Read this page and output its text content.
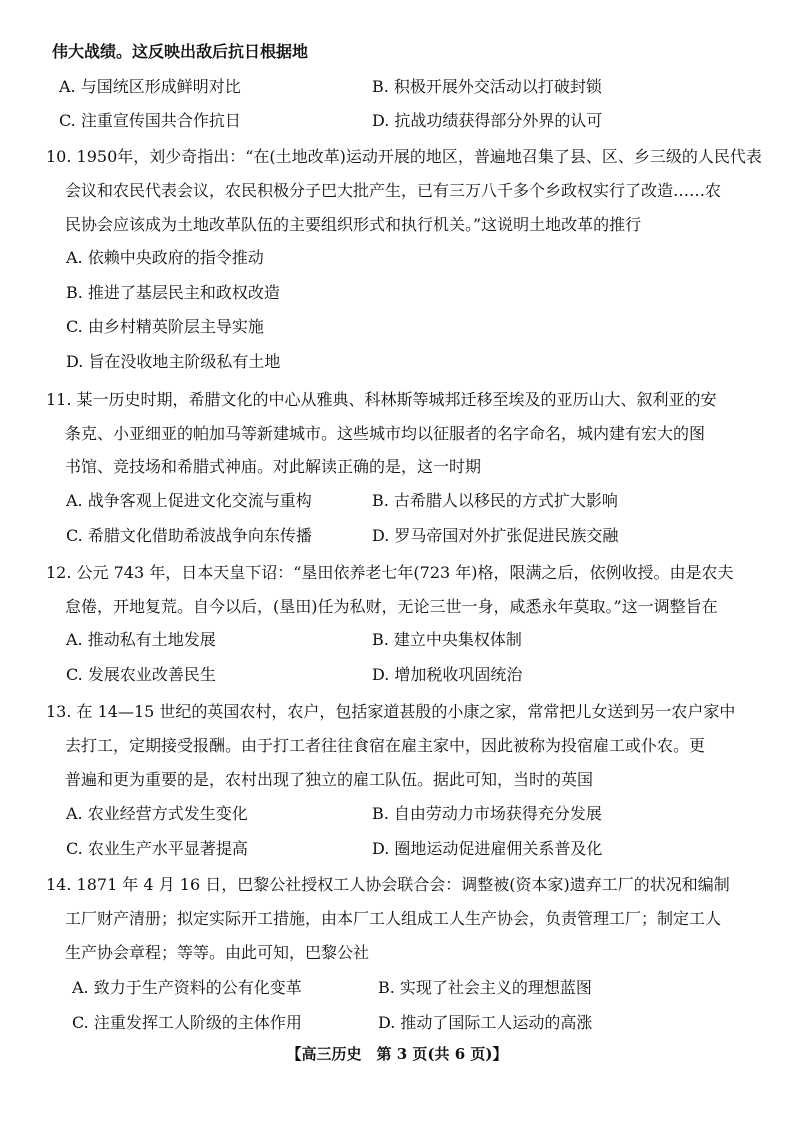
伟大战绩。这反映出敌后抗日根据地
A. 与国统区形成鲜明对比	B. 积极开展外交活动以打破封锁
C. 注重宣传国共合作抗日	D. 抗战功绩获得部分外界的认可
10. 1950年，刘少奇指出：“在(土地改革)运动开展的地区，普遍地召集了县、区、乡三级的人民代表
会议和农民代表会议，农民积极分子巴大批产生，已有三万八千多个乡政权实行了改造……农
民协会应该成为土地改革队伍的主要组织形式和执行机关。”这说明土地改革的推行
A. 依赖中央政府的指令推动
B. 推进了基层民主和政权改造
C. 由乡村精英阶层主导实施
D. 旨在没收地主阶级私有土地
11. 某一历史时期，希腊文化的中心从雅典、科林斯等城邦迁移至埃及的亚历山大、叙利亚的安
条克、小亚细亚的帕加马等新建城市。这些城市均以征服者的名字命名，城内建有宏大的图
书馆、竞技场和希腊式神庙。对此解读正确的是，这一时期
A. 战争客观上促进文化交流与重构	B. 古希腊人以移民的方式扩大影响
C. 希腊文化借助希波战争向东传播	D. 罗马帝国对外扩张促进民族交融
12. 公元 743 年，日本天皇下诏：“垦田依养老七年(723 年)格，限满之后，依例收授。由是农夫
怠倦，开地复荒。自今以后，(垦田)任为私财，无论三世一身，咸悉永年莫取。”这一调整旨在
A. 推动私有土地发展	B. 建立中央集权体制
C. 发展农业改善民生	D. 增加税收巩固统治
13. 在 14—15 世纪的英国农村，农户，包括家道甚殷的小康之家，常常把儿女送到另一农户家中
去打工，定期接受报酬。由于打工者往往食宿在雇主家中，因此被称为投宿雇工或仆农。更
普遍和更为重要的是，农村出现了独立的雇工队伍。据此可知，当时的英国
A. 农业经营方式发生变化	B. 自由劳动力市场获得充分发展
C. 农业生产水平显著提高	D. 圈地运动促进雇佣关系普及化
14. 1871 年 4 月 16 日，巴黎公社授权工人协会联合会：调整被(资本家)遗弃工厂的状况和编制
工厂财产清册；拟定实际开工措施，由本厂工人组成工人生产协会，负责管理工厂；制定工人
生产协会章程；等等。由此可知，巴黎公社
A. 致力于生产资料的公有化变革	B. 实现了社会主义的理想蓝图
C. 注重发挥工人阶级的主体作用	D. 推动了国际工人运动的高涨
【高三历史　第 3 页(共 6 页)】
